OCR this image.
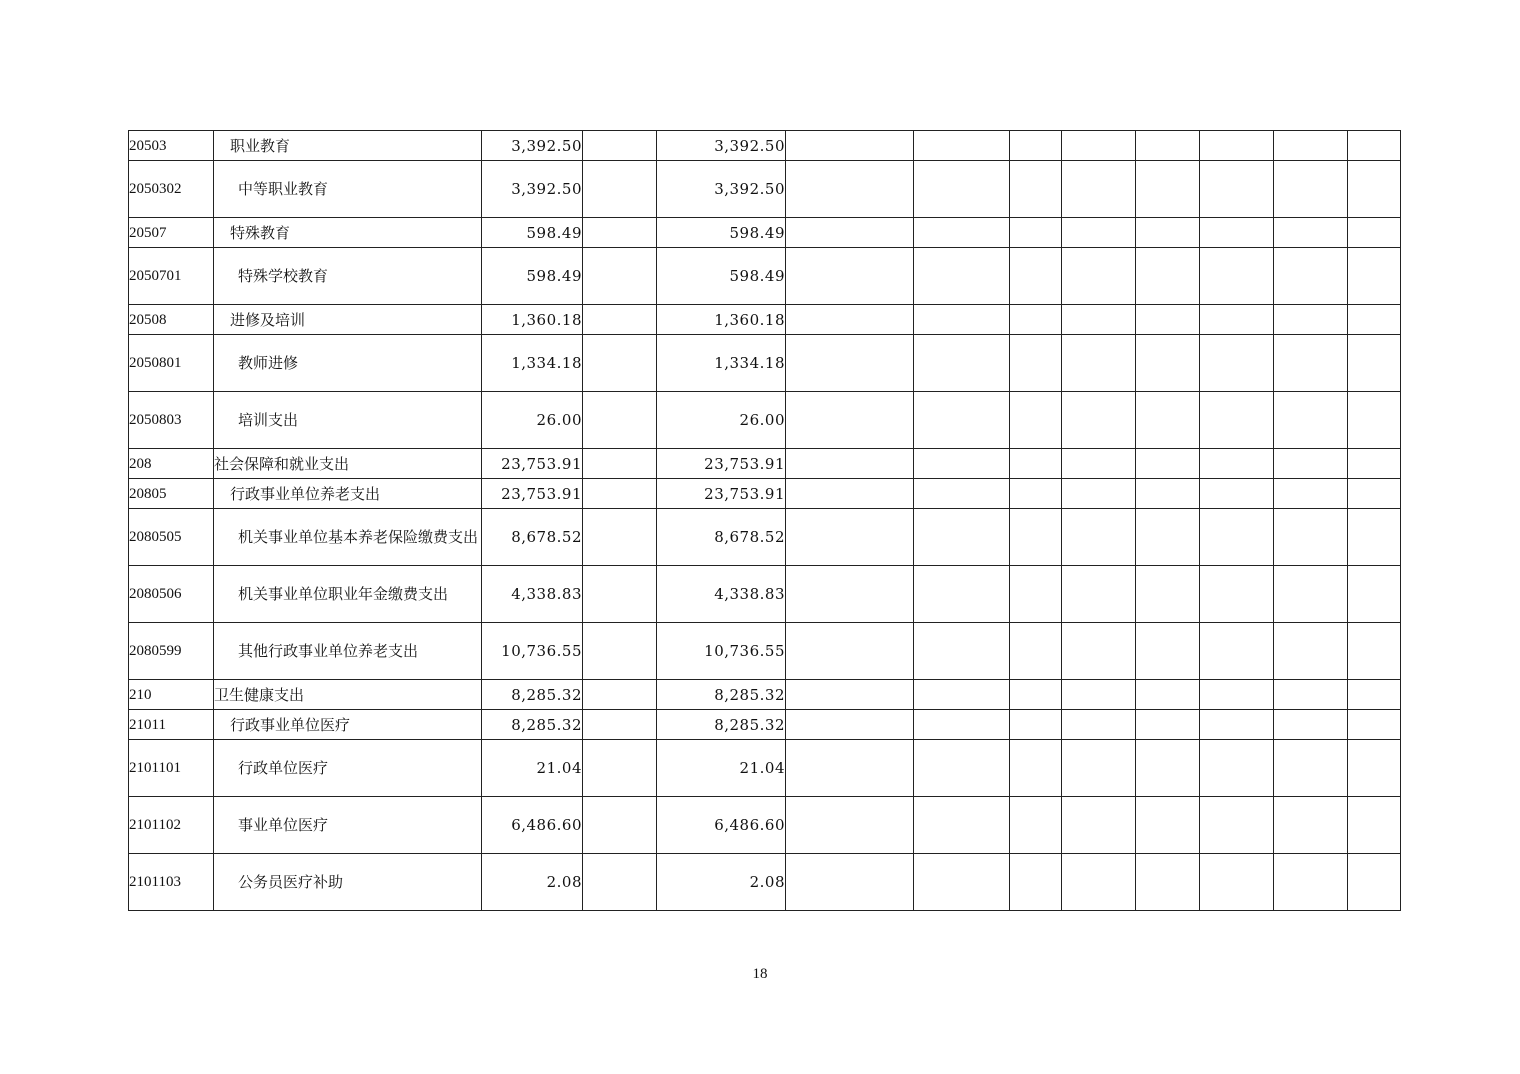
20503	职业教育	3,392.50		3,392.50								
2050302	中等职业教育	3,392.50		3,392.50								
20507	特殊教育	598.49		598.49								
2050701	特殊学校教育	598.49		598.49								
20508	进修及培训	1,360.18		1,360.18								
2050801	教师进修	1,334.18		1,334.18								
2050803	培训支出	26.00		26.00								
208	社会保障和就业支出	23,753.91		23,753.91								
20805	行政事业单位养老支出	23,753.91		23,753.91								
2080505	机关事业单位基本养老保险缴费支出	8,678.52		8,678.52								
2080506	机关事业单位职业年金缴费支出	4,338.83		4,338.83								
2080599	其他行政事业单位养老支出	10,736.55		10,736.55								
210	卫生健康支出	8,285.32		8,285.32								
21011	行政事业单位医疗	8,285.32		8,285.32								
2101101	行政单位医疗	21.04		21.04								
2101102	事业单位医疗	6,486.60		6,486.60								
2101103	公务员医疗补助	2.08		2.08								
18
